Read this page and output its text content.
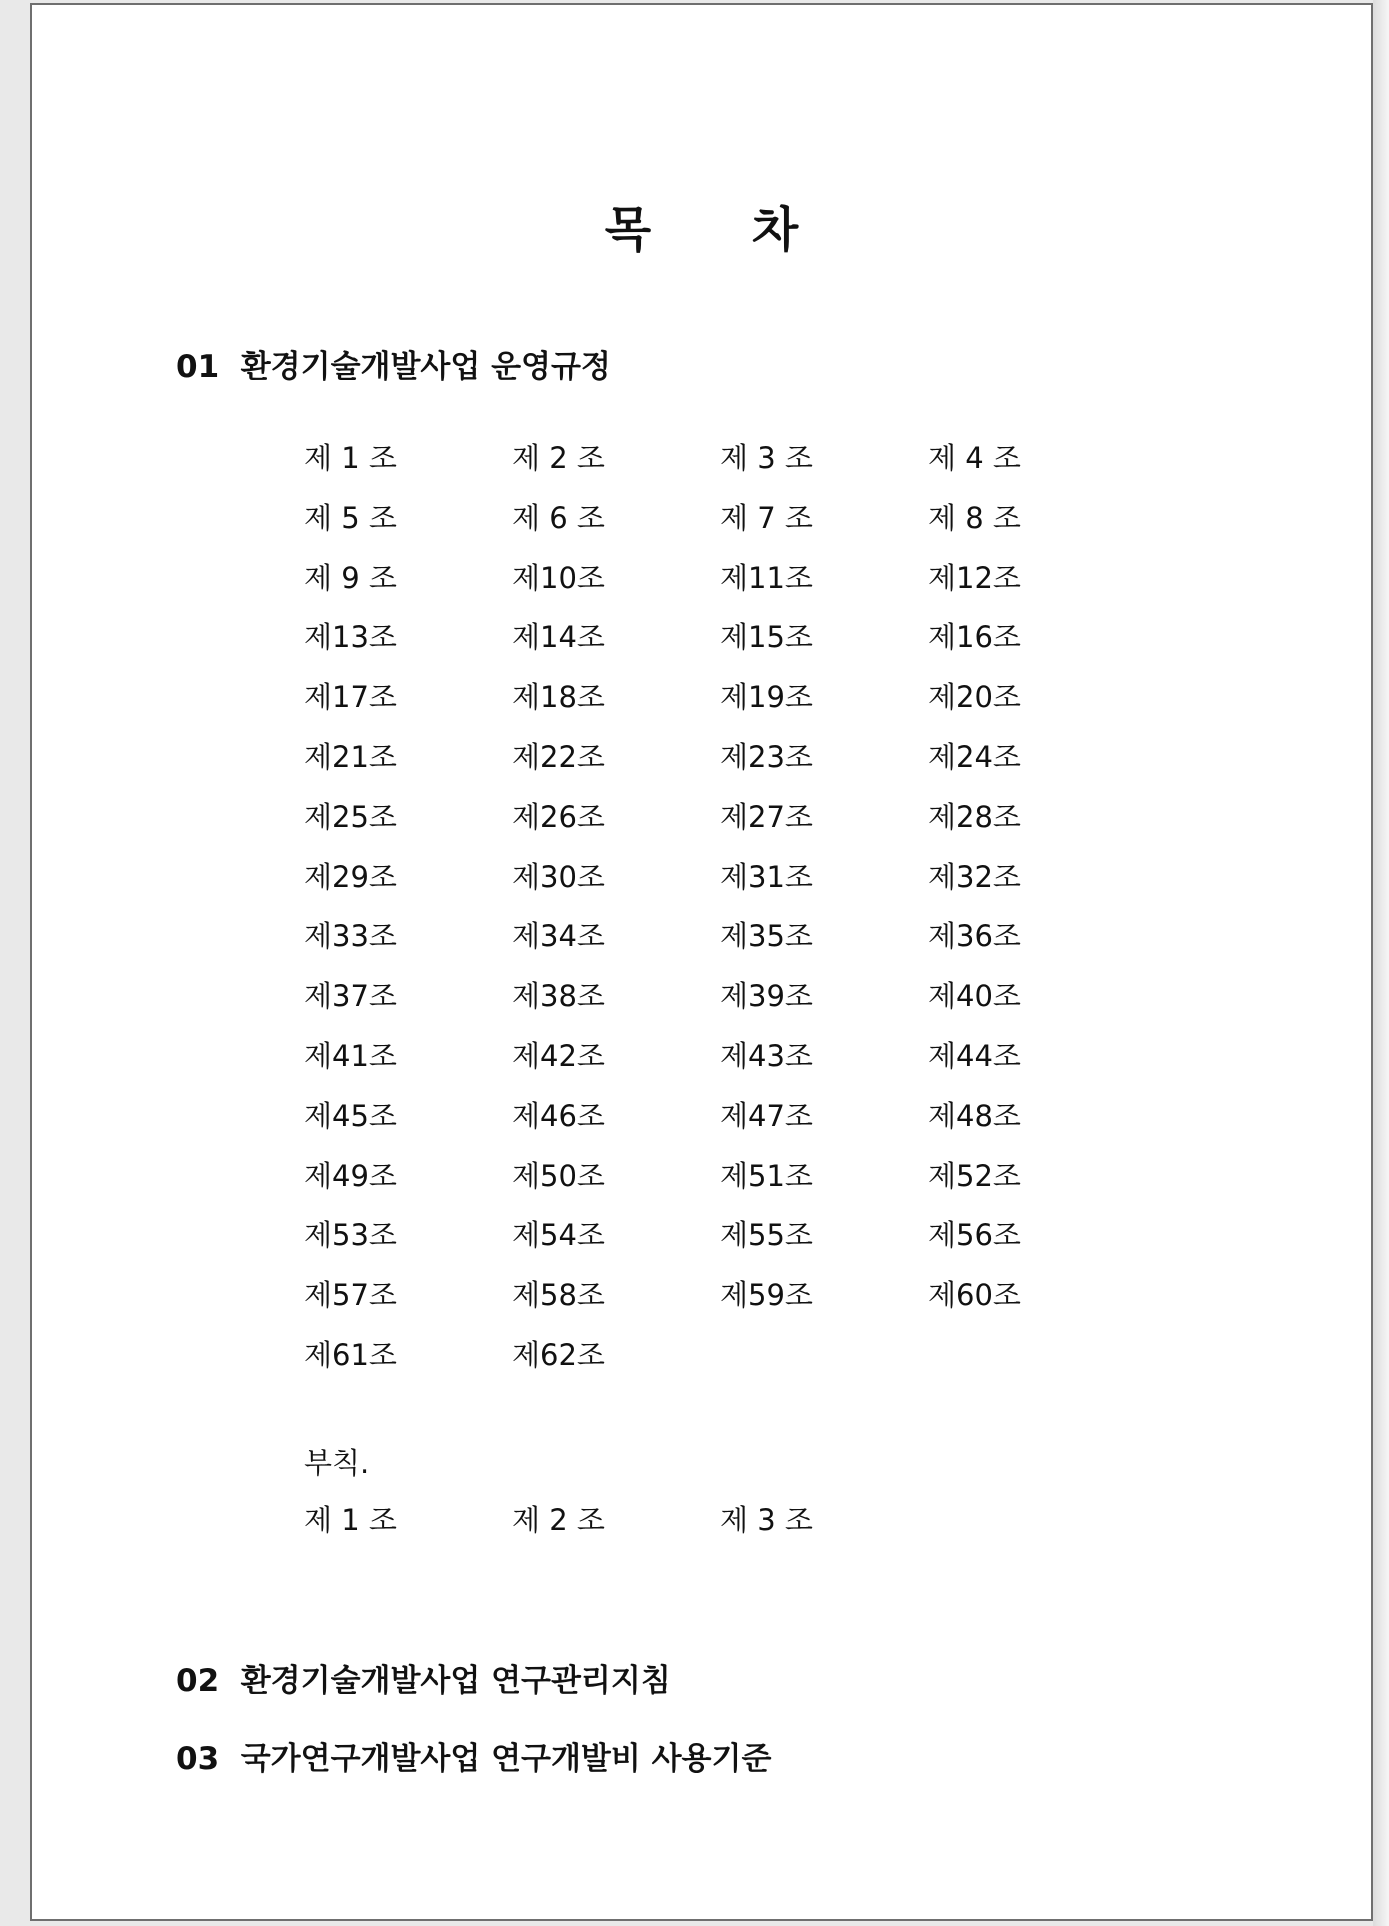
목 차
01 환경기술개발사업 운영규정
제 1 조	제 2 조	제 3 조	제 4 조
제 5 조	제 6 조	제 7 조	제 8 조
제 9 조	제10조	제11조	제12조
제13조	제14조	제15조	제16조
제17조	제18조	제19조	제20조
제21조	제22조	제23조	제24조
제25조	제26조	제27조	제28조
제29조	제30조	제31조	제32조
제33조	제34조	제35조	제36조
제37조	제38조	제39조	제40조
제41조	제42조	제43조	제44조
제45조	제46조	제47조	제48조
제49조	제50조	제51조	제52조
제53조	제54조	제55조	제56조
제57조	제58조	제59조	제60조
제61조	제62조
부칙.
제 1 조	제 2 조	제 3 조
02 환경기술개발사업 연구관리지침
03 국가연구개발사업 연구개발비 사용기준
